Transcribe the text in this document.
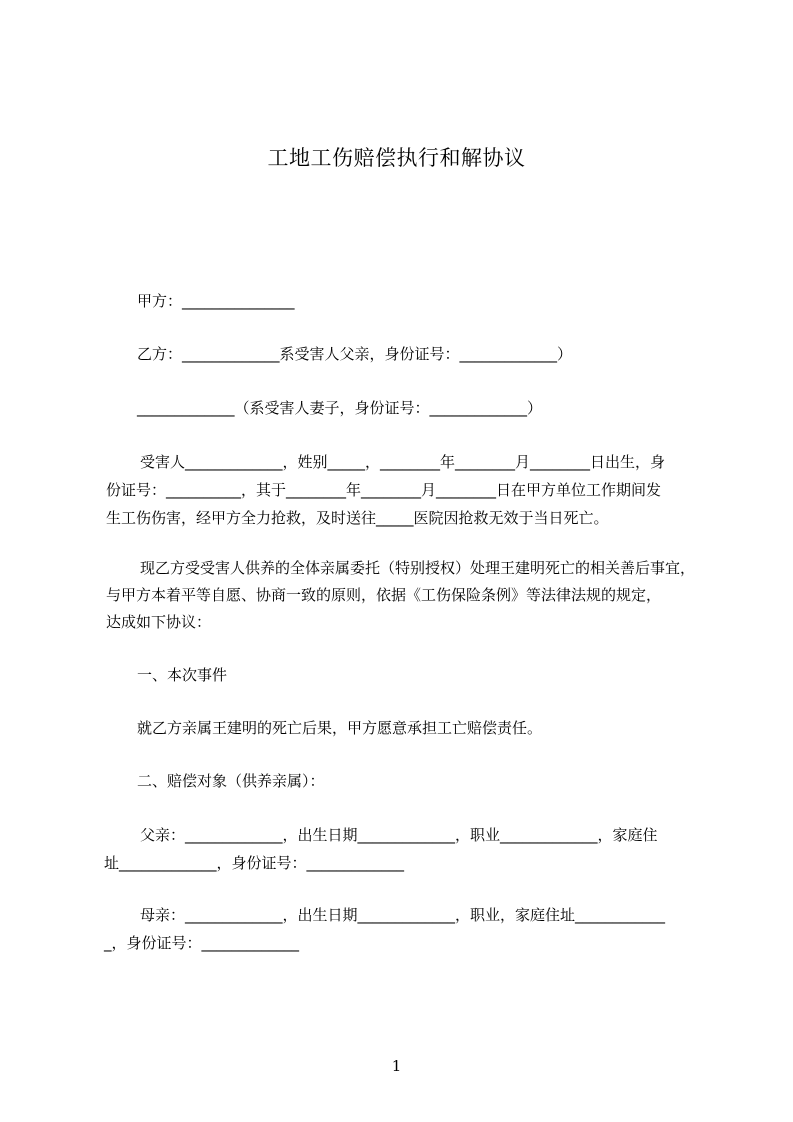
工地工伤赔偿执行和解协议
甲方：_______________
乙方：_____________系受害人父亲，身份证号：_____________）
_____________（系受害人妻子，身份证号：_____________）
受害人_____________，姓别_____，________年________月________日出生，身
份证号：__________，其于________年________月________日在甲方单位工作期间发
生工伤伤害，经甲方全力抢救，及时送往_____医院因抢救无效于当日死亡。
现乙方受受害人供养的全体亲属委托（特别授权）处理王建明死亡的相关善后事宜，
与甲方本着平等自愿、协商一致的原则，依据《工伤保险条例》等法律法规的规定，
达成如下协议：
一、本次事件
就乙方亲属王建明的死亡后果，甲方愿意承担工亡赔偿责任。
二、赔偿对象（供养亲属）：
父亲：_____________，出生日期_____________，职业_____________，家庭住
址_____________，身份证号：_____________
母亲：_____________，出生日期_____________，职业，家庭住址____________
_，身份证号：_____________
1
